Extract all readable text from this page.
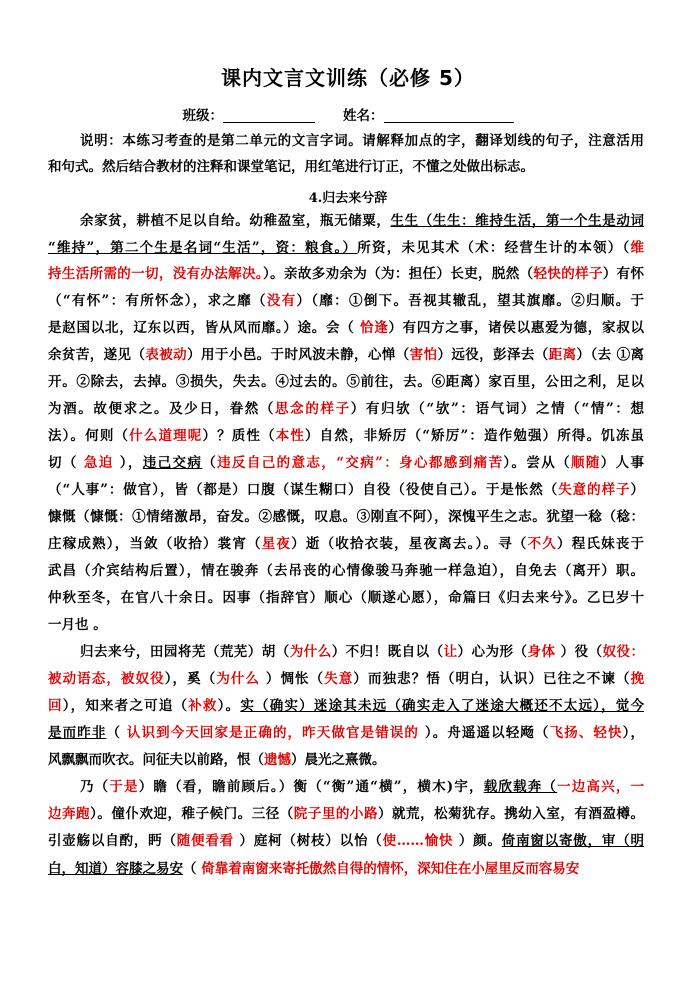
课内文言文训练（必修 5）
班级：	姓名：
说明：本练习考查的是第二单元的文言字词。请解释加点的字，翻译划线的句子，注意活用
和句式。然后结合教材的注释和课堂笔记，用红笔进行订正，不懂之处做出标志。
4.归去来兮辞
余家贫，耕植不足以自给。幼稚盈室，瓶无储粟，生生（生生：维持生活，第一个生是动词
“维持”，第二个生是名词“生活”，资：粮食。）所资，未见其术（术：经营生计的本领）（维
持生活所需的一切，没有办法解决。）。亲故多劝余为（为：担任）长吏，脱然（轻快的样子）有怀
（“有怀”：有所怀念），求之靡（没有）（靡：①倒下。吾视其辙乱，望其旗靡。②归顺。于
是赵国以北，辽东以西，皆从风而靡。）途。会（ 恰逢）有四方之事，诸侯以惠爱为德，家叔以
余贫苦，遂见（表被动）用于小邑。于时风波未静，心惮（害怕）远役，彭泽去（距离）（去 ①离
开。②除去，去掉。③损失，失去。④过去的。⑤前往，去。⑥距离）家百里，公田之利，足以
为酒。故便求之。及少日，眷然（思念的样子）有归欤（“欤”：语气词）之情（“情”：想
法）。何则（什么道理呢）？质性（本性）自然，非矫厉（“矫厉”：造作勉强）所得。饥冻虽
切（ 急迫 ），违己交病（违反自己的意志，“交病”：身心都感到痛苦）。尝从（顺随）人事
（“人事”：做官），皆（都是）口腹（谋生糊口）自役（役使自己）。于是怅然（失意的样子）
慷慨（慷慨：①情绪激昂，奋发。②感慨，叹息。③刚直不阿），深愧平生之志。犹望一稔（稔：
庄稼成熟），当敛（收拾）裳宵（星夜）逝（收拾衣装，星夜离去。）。寻（不久）程氏妹丧于
武昌（介宾结构后置），情在骏奔（去吊丧的心情像骏马奔驰一样急迫），自免去（离开）职。
仲秋至冬，在官八十余日。因事（指辞官）顺心（顺遂心愿），命篇曰《归去来兮》。乙巳岁十
一月也 。
归去来兮，田园将芜（荒芜）胡（为什么）不归！既自以（让）心为形（身体 ）役（奴役：
被动语态，被奴役），奚（为什么 ）惆怅（失意）而独悲？悟（明白，认识）已往之不谏（挽
回），知来者之可追（补救）。实（确实）迷途其未远（确实走入了迷途大概还不太远），觉今
是而昨非（ 认识到今天回家是正确的，昨天做官是错误的 ）。舟遥遥以轻飏（飞扬、轻快），
风飘飘而吹衣。问征夫以前路，恨（遗憾）晨光之熹微。
乃（于是）瞻（看，瞻前顾后。）衡（“衡”通“横”，横木)宇，载欣载奔（一边高兴，一
边奔跑）。僮仆欢迎，稚子候门。三径（院子里的小路）就荒，松菊犹存。携幼入室，有酒盈樽。
引壶觞以自酌，眄（随便看看 ）庭柯（树枝）以怡（使……愉快 ）颜。倚南窗以寄傲，审（明
白，知道）容膝之易安（ 倚靠着南窗来寄托傲然自得的情怀，深知住在小屋里反而容易安
